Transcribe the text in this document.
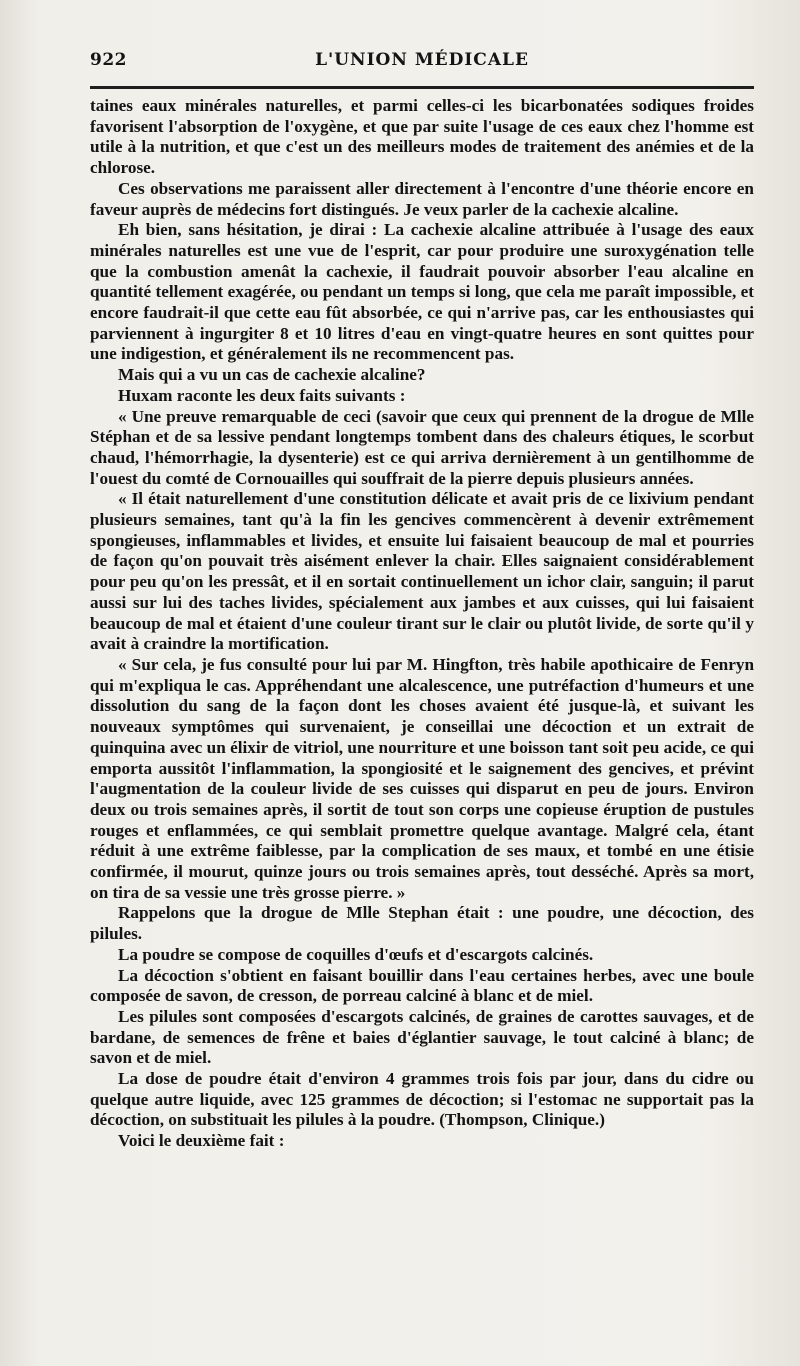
922	L'UNION MÉDICALE

taines eaux minérales naturelles, et parmi celles-ci les bicarbonatées sodiques froides favorisent l'absorption de l'oxygène, et que par suite l'usage de ces eaux chez l'homme est utile à la nutrition, et que c'est un des meilleurs modes de traitement des anémies et de la chlorose.

Ces observations me paraissent aller directement à l'encontre d'une théorie encore en faveur auprès de médecins fort distingués. Je veux parler de la cachexie alcaline.

Eh bien, sans hésitation, je dirai : La cachexie alcaline attribuée à l'usage des eaux minérales naturelles est une vue de l'esprit, car pour produire une suroxygénation telle que la combustion amenât la cachexie, il faudrait pouvoir absorber l'eau alcaline en quantité tellement exagérée, ou pendant un temps si long, que cela me paraît impossible, et encore faudrait-il que cette eau fût absorbée, ce qui n'arrive pas, car les enthousiastes qui parviennent à ingurgiter 8 et 10 litres d'eau en vingt-quatre heures en sont quittes pour une indigestion, et généralement ils ne recommencent pas.

Mais qui a vu un cas de cachexie alcaline?

Huxam raconte les deux faits suivants :

« Une preuve remarquable de ceci (savoir que ceux qui prennent de la drogue de Mlle Stéphan et de sa lessive pendant longtemps tombent dans des chaleurs étiques, le scorbut chaud, l'hémorrhagie, la dysenterie) est ce qui arriva dernièrement à un gentilhomme de l'ouest du comté de Cornouailles qui souffrait de la pierre depuis plusieurs années.

« Il était naturellement d'une constitution délicate et avait pris de ce lixivium pendant plusieurs semaines, tant qu'à la fin les gencives commencèrent à devenir extrêmement spongieuses, inflammables et livides, et ensuite lui faisaient beaucoup de mal et pourries de façon qu'on pouvait très aisément enlever la chair. Elles saignaient considérablement pour peu qu'on les pressât, et il en sortait continuellement un ichor clair, sanguin; il parut aussi sur lui des taches livides, spécialement aux jambes et aux cuisses, qui lui faisaient beaucoup de mal et étaient d'une couleur tirant sur le clair ou plutôt livide, de sorte qu'il y avait à craindre la mortification.

« Sur cela, je fus consulté pour lui par M. Hingfton, très habile apothicaire de Fenryn qui m'expliqua le cas. Appréhendant une alcalescence, une putréfaction d'humeurs et une dissolution du sang de la façon dont les choses avaient été jusque-là, et suivant les nouveaux symptômes qui survenaient, je conseillai une décoction et un extrait de quinquina avec un élixir de vitriol, une nourriture et une boisson tant soit peu acide, ce qui emporta aussitôt l'inflammation, la spongiosité et le saignement des gencives, et prévint l'augmentation de la couleur livide de ses cuisses qui disparut en peu de jours. Environ deux ou trois semaines après, il sortit de tout son corps une copieuse éruption de pustules rouges et enflammées, ce qui semblait promettre quelque avantage. Malgré cela, étant réduit à une extrême faiblesse, par la complication de ses maux, et tombé en une étisie confirmée, il mourut, quinze jours ou trois semaines après, tout desséché. Après sa mort, on tira de sa vessie une très grosse pierre. »

Rappelons que la drogue de Mlle Stephan était : une poudre, une décoction, des pilules.

La poudre se compose de coquilles d'œufs et d'escargots calcinés.

La décoction s'obtient en faisant bouillir dans l'eau certaines herbes, avec une boule composée de savon, de cresson, de porreau calciné à blanc et de miel.

Les pilules sont composées d'escargots calcinés, de graines de carottes sauvages, et de bardane, de semences de frêne et baies d'églantier sauvage, le tout calciné à blanc; de savon et de miel.

La dose de poudre était d'environ 4 grammes trois fois par jour, dans du cidre ou quelque autre liquide, avec 125 grammes de décoction; si l'estomac ne supportait pas la décoction, on substituait les pilules à la poudre. (Thompson, Clinique.)

Voici le deuxième fait :
